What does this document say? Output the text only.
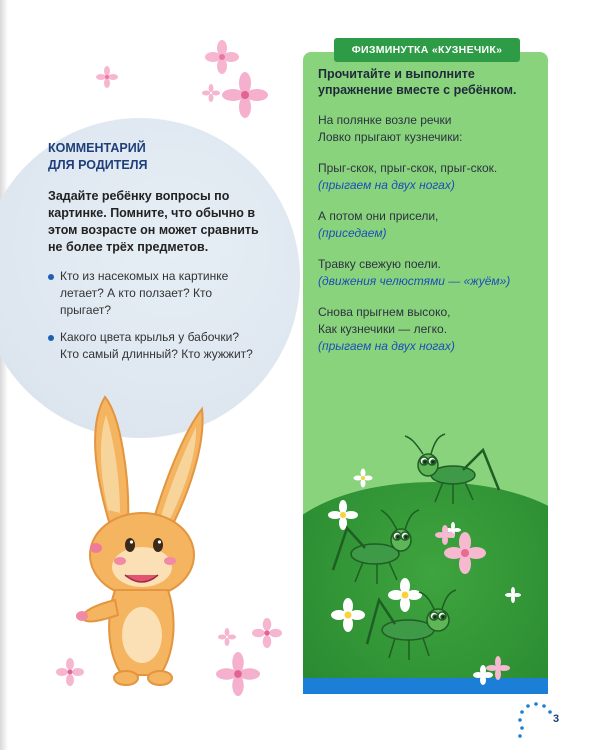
КОММЕНТАРИЙ
ДЛЯ РОДИТЕЛЯ
Задайте ребёнку вопросы по картинке. Помните, что обычно в этом возрасте он может сравнить не более трёх предметов.
Кто из насекомых на картинке летает? А кто ползает? Кто прыгает?
Какого цвета крылья у бабочки? Кто самый длинный? Кто жужжит?
ФИЗМИНУТКА «КУЗНЕЧИК»
Прочитайте и выполните упражнение вместе с ребёнком.
На полянке возле речки
Ловко прыгают кузнечики:
Прыг-скок, прыг-скок, прыг-скок.
(прыгаем на двух ногах)
А потом они присели,
(приседаем)
Травку свежую поели.
(движения челюстями — «жуём»)
Снова прыгнем высоко,
Как кузнечики — легко.
(прыгаем на двух ногах)
3
